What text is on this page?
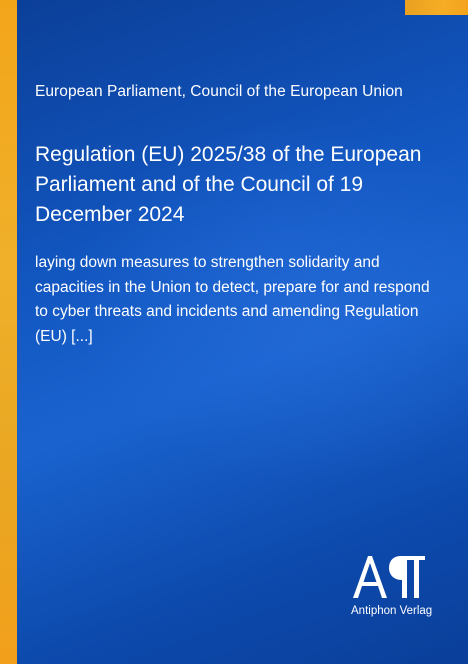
European Parliament, Council of the European Union
Regulation (EU) 2025/38 of the European Parliament and of the Council of 19 December 2024

laying down measures to strengthen solidarity and capacities in the Union to detect, prepare for and respond to cyber threats and incidents and amending Regulation (EU) [...]

Antiphon Verlag
